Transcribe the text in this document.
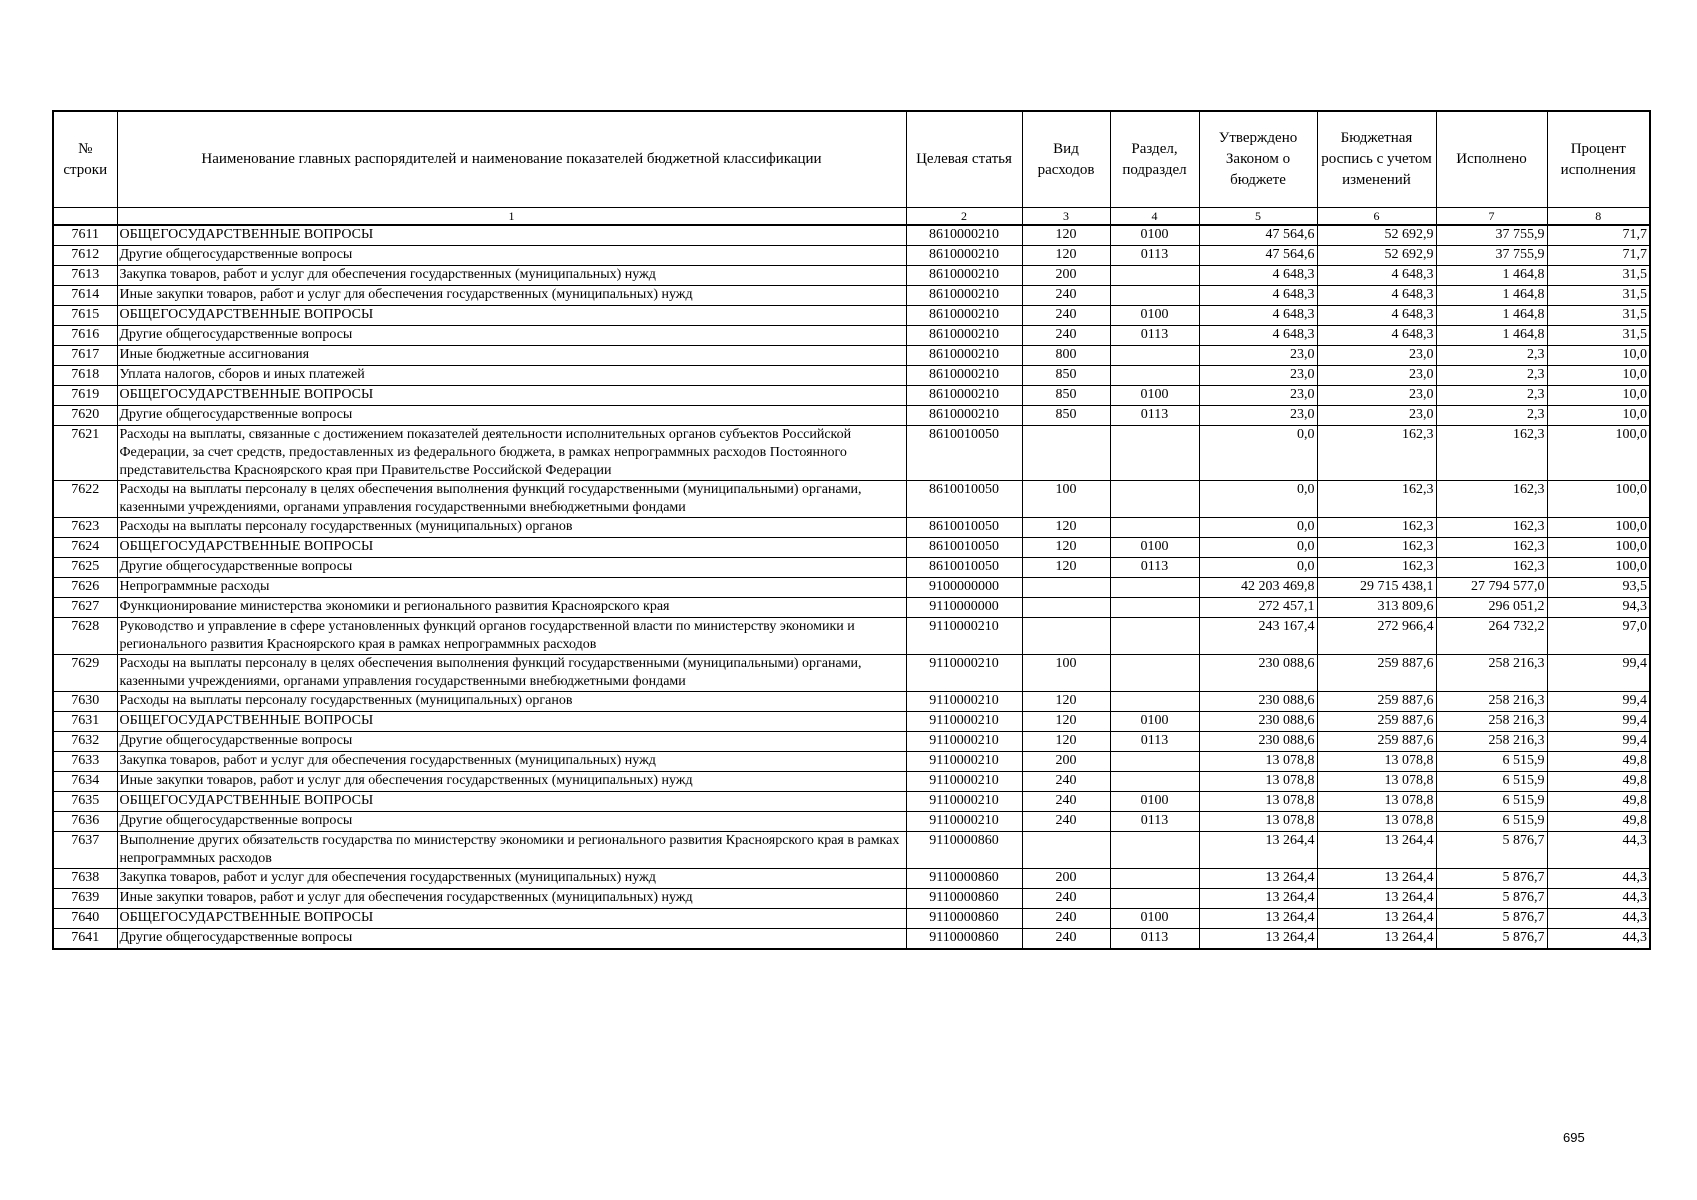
№ строки	Наименование главных распорядителей и наименование показателей бюджетной классификации	Целевая статья	Вид расходов	Раздел, подраздел	Утверждено Законом о бюджете	Бюджетная роспись с учетом изменений	Исполнено	Процент исполнения
	1	2	3	4	5	6	7	8
7611	ОБЩЕГОСУДАРСТВЕННЫЕ ВОПРОСЫ	8610000210	120	0100	47 564,6	52 692,9	37 755,9	71,7
7612	Другие общегосударственные вопросы	8610000210	120	0113	47 564,6	52 692,9	37 755,9	71,7
7613	Закупка товаров, работ и услуг для обеспечения государственных (муниципальных) нужд	8610000210	200		4 648,3	4 648,3	1 464,8	31,5
7614	Иные закупки товаров, работ и услуг для обеспечения государственных (муниципальных) нужд	8610000210	240		4 648,3	4 648,3	1 464,8	31,5
7615	ОБЩЕГОСУДАРСТВЕННЫЕ ВОПРОСЫ	8610000210	240	0100	4 648,3	4 648,3	1 464,8	31,5
7616	Другие общегосударственные вопросы	8610000210	240	0113	4 648,3	4 648,3	1 464,8	31,5
7617	Иные бюджетные ассигнования	8610000210	800		23,0	23,0	2,3	10,0
7618	Уплата налогов, сборов и иных платежей	8610000210	850		23,0	23,0	2,3	10,0
7619	ОБЩЕГОСУДАРСТВЕННЫЕ ВОПРОСЫ	8610000210	850	0100	23,0	23,0	2,3	10,0
7620	Другие общегосударственные вопросы	8610000210	850	0113	23,0	23,0	2,3	10,0
7621	Расходы на выплаты, связанные с достижением показателей деятельности исполнительных органов субъектов Российской Федерации, за счет средств, предоставленных из федерального бюджета, в рамках непрограммных расходов Постоянного представительства Красноярского края при Правительстве Российской Федерации	8610010050			0,0	162,3	162,3	100,0
7622	Расходы на выплаты персоналу в целях обеспечения выполнения функций государственными (муниципальными) органами, казенными учреждениями, органами управления государственными внебюджетными фондами	8610010050	100		0,0	162,3	162,3	100,0
7623	Расходы на выплаты персоналу государственных (муниципальных) органов	8610010050	120		0,0	162,3	162,3	100,0
7624	ОБЩЕГОСУДАРСТВЕННЫЕ ВОПРОСЫ	8610010050	120	0100	0,0	162,3	162,3	100,0
7625	Другие общегосударственные вопросы	8610010050	120	0113	0,0	162,3	162,3	100,0
7626	Непрограммные расходы	9100000000			42 203 469,8	29 715 438,1	27 794 577,0	93,5
7627	Функционирование министерства экономики и регионального развития Красноярского края	9110000000			272 457,1	313 809,6	296 051,2	94,3
7628	Руководство и управление в сфере установленных функций органов государственной власти по министерству экономики и регионального развития Красноярского края в рамках непрограммных расходов	9110000210			243 167,4	272 966,4	264 732,2	97,0
7629	Расходы на выплаты персоналу в целях обеспечения выполнения функций государственными (муниципальными) органами, казенными учреждениями, органами управления государственными внебюджетными фондами	9110000210	100		230 088,6	259 887,6	258 216,3	99,4
7630	Расходы на выплаты персоналу государственных (муниципальных) органов	9110000210	120		230 088,6	259 887,6	258 216,3	99,4
7631	ОБЩЕГОСУДАРСТВЕННЫЕ ВОПРОСЫ	9110000210	120	0100	230 088,6	259 887,6	258 216,3	99,4
7632	Другие общегосударственные вопросы	9110000210	120	0113	230 088,6	259 887,6	258 216,3	99,4
7633	Закупка товаров, работ и услуг для обеспечения государственных (муниципальных) нужд	9110000210	200		13 078,8	13 078,8	6 515,9	49,8
7634	Иные закупки товаров, работ и услуг для обеспечения государственных (муниципальных) нужд	9110000210	240		13 078,8	13 078,8	6 515,9	49,8
7635	ОБЩЕГОСУДАРСТВЕННЫЕ ВОПРОСЫ	9110000210	240	0100	13 078,8	13 078,8	6 515,9	49,8
7636	Другие общегосударственные вопросы	9110000210	240	0113	13 078,8	13 078,8	6 515,9	49,8
7637	Выполнение других обязательств государства по министерству экономики и регионального развития Красноярского края в рамках непрограммных расходов	9110000860			13 264,4	13 264,4	5 876,7	44,3
7638	Закупка товаров, работ и услуг для обеспечения государственных (муниципальных) нужд	9110000860	200		13 264,4	13 264,4	5 876,7	44,3
7639	Иные закупки товаров, работ и услуг для обеспечения государственных (муниципальных) нужд	9110000860	240		13 264,4	13 264,4	5 876,7	44,3
7640	ОБЩЕГОСУДАРСТВЕННЫЕ ВОПРОСЫ	9110000860	240	0100	13 264,4	13 264,4	5 876,7	44,3
7641	Другие общегосударственные вопросы	9110000860	240	0113	13 264,4	13 264,4	5 876,7	44,3
695
